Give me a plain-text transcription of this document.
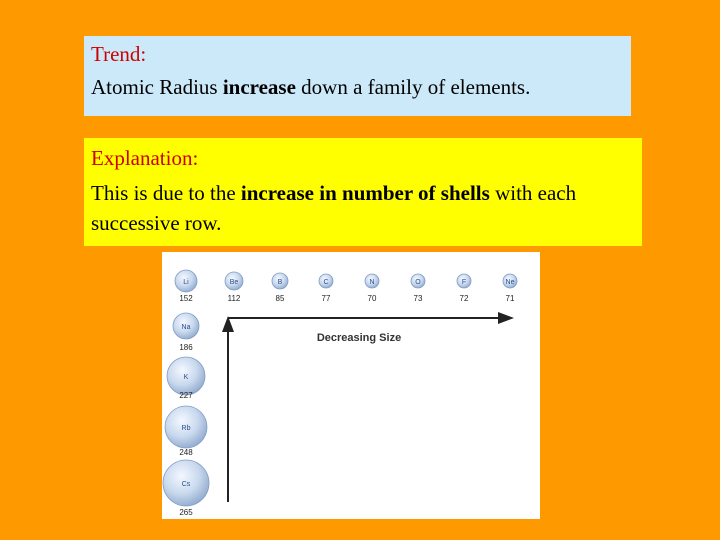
Trend:
Atomic Radius increase down a family of elements.
Explanation:
This is due to the increase in number of shells with each successive row.
Li
152
Be
112
B
85
C
77
N
70
O
73
F
72
Ne
71
Na
186
K
227
Rb
248
Cs
265
Decreasing Size
